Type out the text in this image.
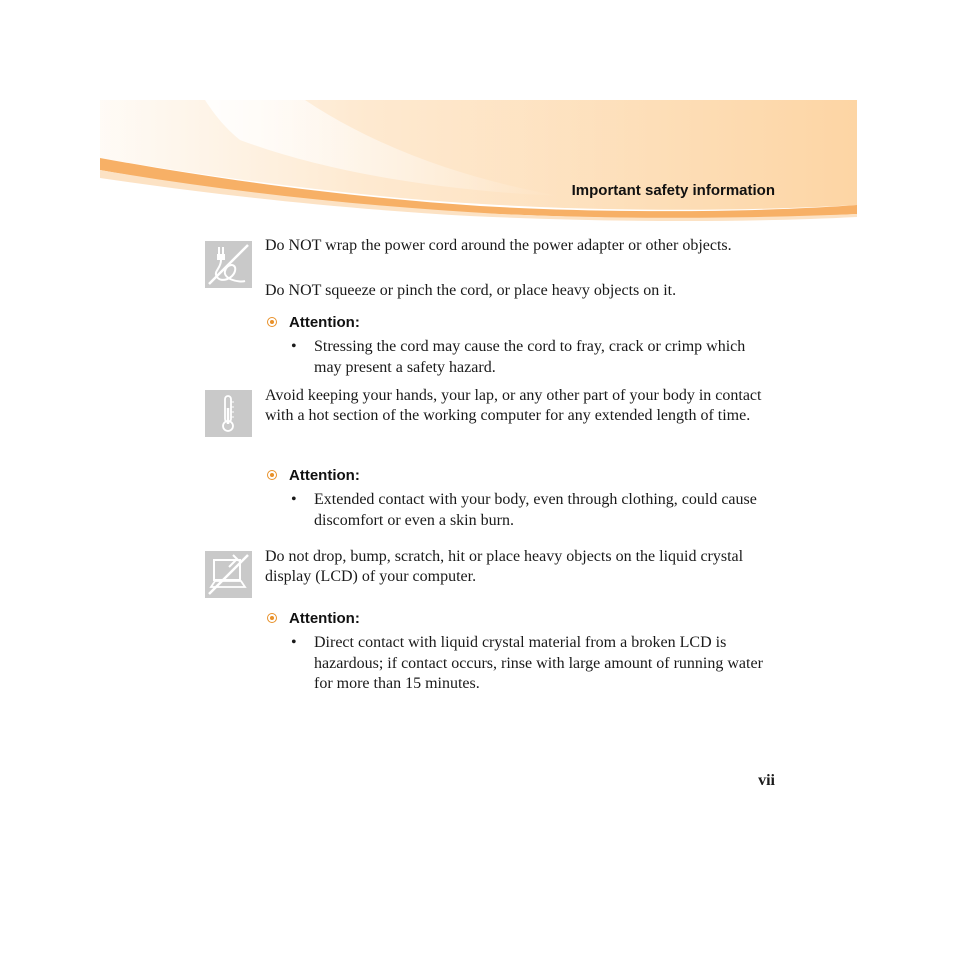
Important safety information

Do NOT wrap the power cord around the power adapter or other objects.

Do NOT squeeze or pinch the cord, or place heavy objects on it.

Attention:
• Stressing the cord may cause the cord to fray, crack or crimp which may present a safety hazard.

Avoid keeping your hands, your lap, or any other part of your body in contact with a hot section of the working computer for any extended length of time.

Attention:
• Extended contact with your body, even through clothing, could cause discomfort or even a skin burn.

Do not drop, bump, scratch, hit or place heavy objects on the liquid crystal display (LCD) of your computer.

Attention:
• Direct contact with liquid crystal material from a broken LCD is hazardous; if contact occurs, rinse with large amount of running water for more than 15 minutes.

vii
